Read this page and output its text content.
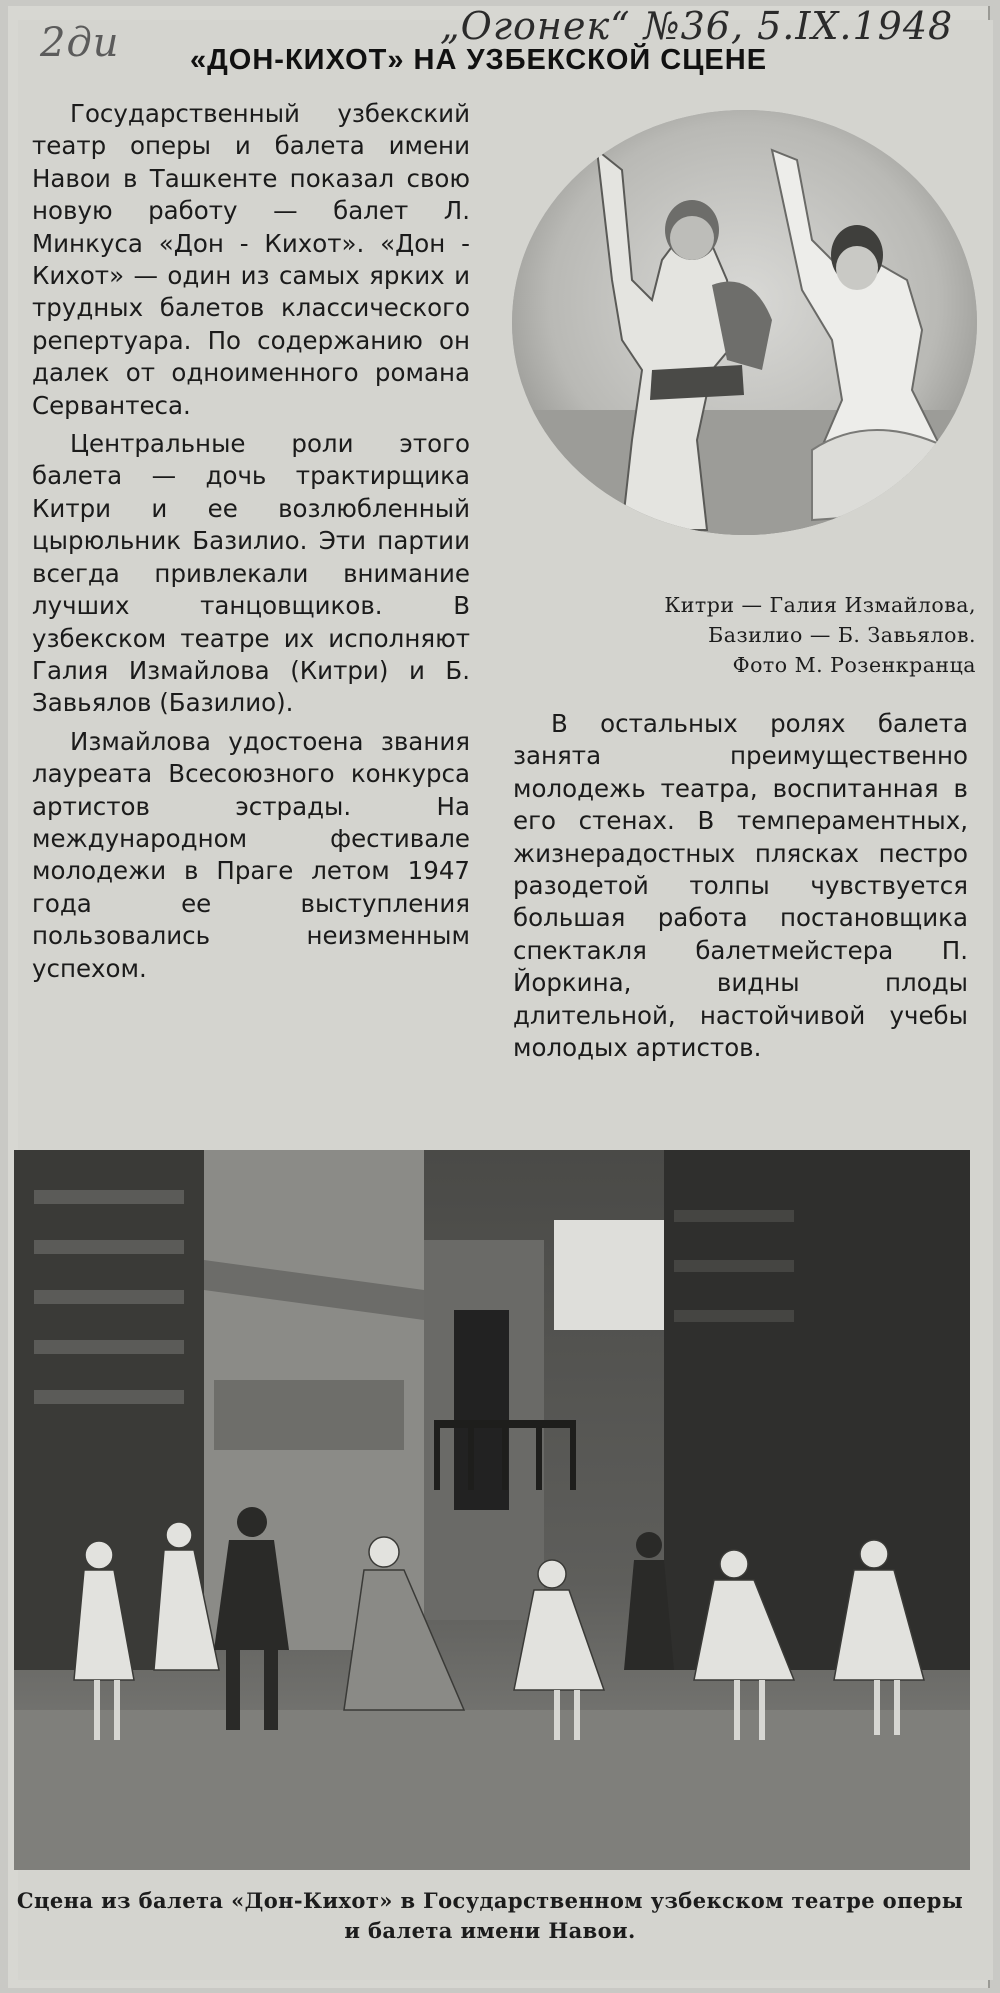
2ди	„Огонек“ №36, 5.IX.1948
«ДОН-КИХОТ» НА УЗБЕКСКОЙ СЦЕНЕ

Государственный узбекский театр оперы и балета имени Навои в Ташкенте показал свою новую работу — балет Л. Минкуса «Дон - Кихот». «Дон - Кихот» — один из самых ярких и трудных балетов классического репертуара. По содержанию он далек от одноименного романа Сервантеса.

Центральные роли этого балета — дочь трактирщика Китри и ее возлюбленный цырюльник Базилио. Эти партии всегда привлекали внимание лучших танцовщиков. В узбекском театре их исполняют Галия Измайлова (Китри) и Б. Завьялов (Базилио).

Измайлова удостоена звания лауреата Всесоюзного конкурса артистов эстрады. На международном фестивале молодежи в Праге летом 1947 года ее выступления пользовались неизменным успехом.

Китри — Галия Измайлова,
Базилио — Б. Завьялов.
Фото М. Розенкранца

В остальных ролях балета занята преимущественно молодежь театра, воспитанная в его стенах. В темпераментных, жизнерадостных плясках пестро разодетой толпы чувствуется большая работа постановщика спектакля балетмейстера П. Йоркина, видны плоды длительной, настойчивой учебы молодых артистов.

Сцена из балета «Дон-Кихот» в Государственном узбекском театре оперы и балета имени Навои.
